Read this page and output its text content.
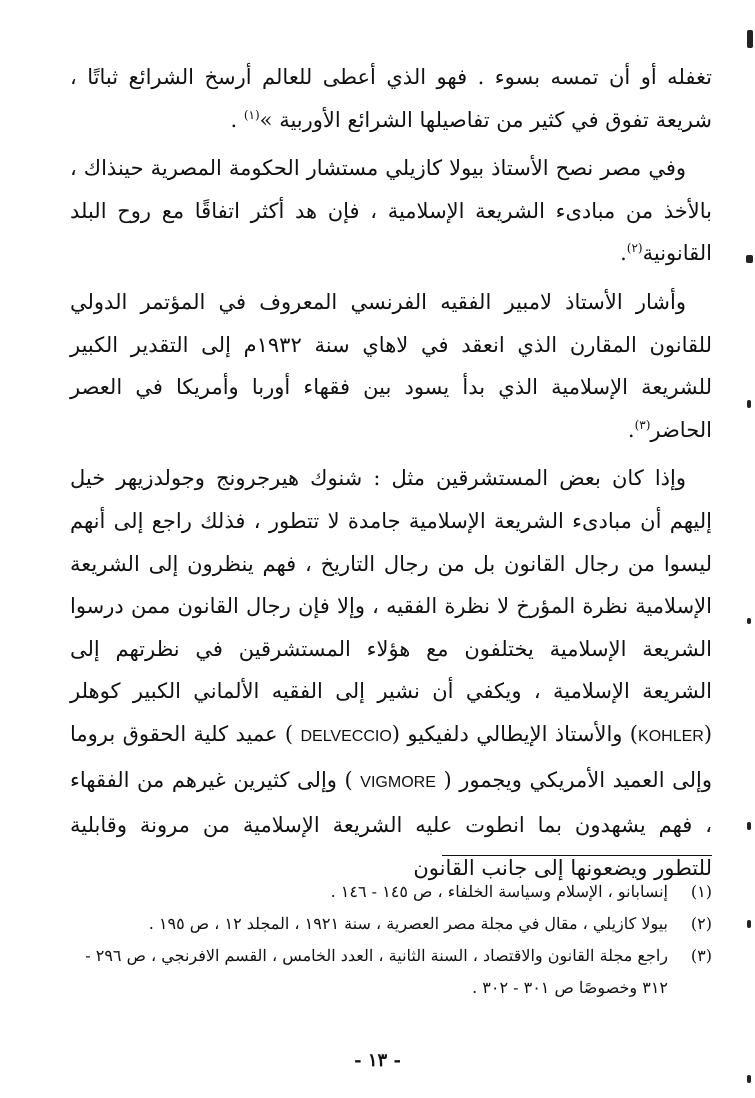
تغفله أو أن تمسه بسوء . فهو الذي أعطى للعالم أرسخ الشرائع ثباتًا ، شريعة تفوق في كثير من تفاصيلها الشرائع الأوربية »$^{(١)}$ .

وفي مصر نصح الأستاذ بيولا كازيلي مستشار الحكومة المصرية حينذاك ، بالأخذ من مبادىء الشريعة الإسلامية ، فإن هد أكثر اتفاقًا مع روح البلد القانونية$^{(٢)}$.

وأشار الأستاذ لامبير الفقيه الفرنسي المعروف في المؤتمر الدولي للقانون المقارن الذي انعقد في لاهاي سنة ١٩٣٢م إلى التقدير الكبير للشريعة الإسلامية الذي بدأ يسود بين فقهاء أوربا وأمريكا في العصر الحاضر$^{(٣)}$.

وإذا كان بعض المستشرقين مثل : شنوك هيرجرونج وجولدزيهر خيل إليهم أن مبادىء الشريعة الإسلامية جامدة لا تتطور ، فذلك راجع إلى أنهم ليسوا من رجال القانون بل من رجال التاريخ ، فهم ينظرون إلى الشريعة الإسلامية نظرة المؤرخ لا نظرة الفقيه ، وإلا فإن رجال القانون ممن درسوا الشريعة الإسلامية يختلفون مع هؤلاء المستشرقين في نظرتهم إلى الشريعة الإسلامية ، ويكفي أن نشير إلى الفقيه الألماني الكبير كوهلر (KOHLER) والأستاذ الإيطالي دلفيكيو (DELVECCIO ) عميد كلية الحقوق بروما وإلى العميد الأمريكي ويجمور ( VIGMORE ) وإلى كثيرين غيرهم من الفقهاء ، فهم يشهدون بما انطوت عليه الشريعة الإسلامية من مرونة وقابلية للتطور ويضعونها إلى جانب القانون

(١)
إنسابانو ، الإسلام وسياسة الخلفاء ، ص ١٤٥ - ١٤٦ .
(٢)
بيولا كازيلي ، مقال في مجلة مصر العصرية ، سنة ١٩٢١ ، المجلد ١٢ ، ص ١٩٥ .
(٣)
راجع مجلة القانون والاقتصاد ، السنة الثانية ، العدد الخامس ، القسم الافرنجي ، ص ٢٩٦ - ٣١٢ وخصوصًا ص ٣٠١ - ٣٠٢ .
- ١٣ -
